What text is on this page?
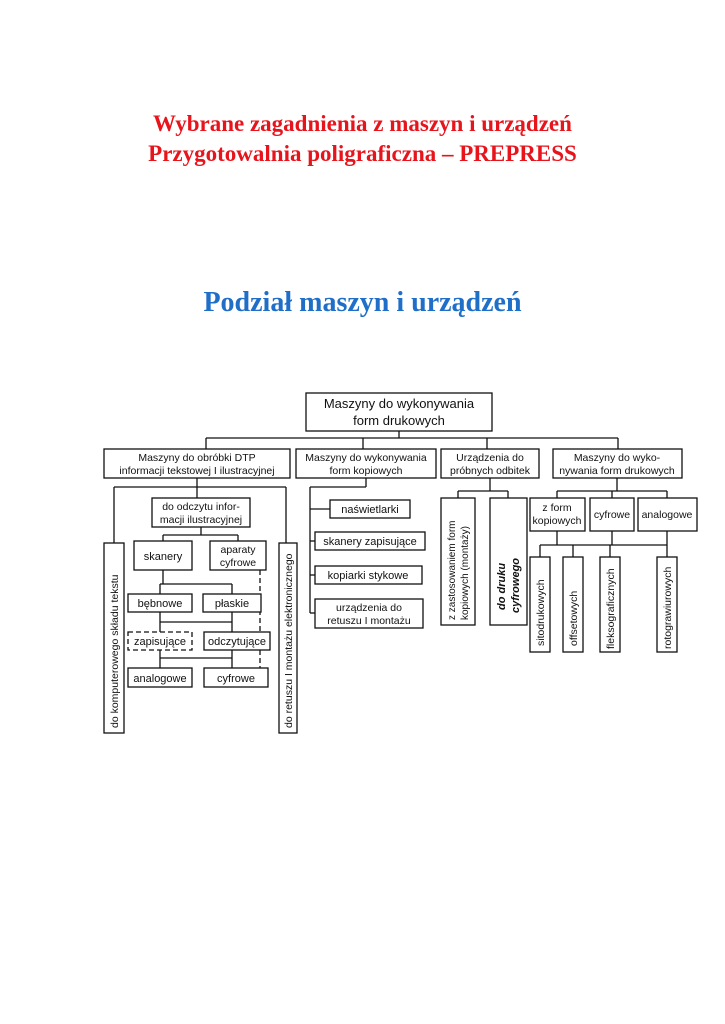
Wybrane zagadnienia z maszyn i urządzeń
Przygotowalnia poligraficzna – PREPRESS
Podział maszyn i urządzeń
Maszyny do wykonywania
form drukowych
Maszyny do obróbki DTP
informacji tekstowej I ilustracyjnej
Maszyny do wykonywania
form kopiowych
Urządzenia do
próbnych odbitek
Maszyny do wyko-
nywania form drukowych
do komputerowego składu tekstu	do retuszu I montażu elektronicznego
do odczytu infor-
macji ilustracyjnej
skanery
aparaty
cyfrowe
bębnowe	płaskie
zapisujące odczytujące
analogowe	cyfrowe
naświetlarki
skanery zapisujące
kopiarki stykowe
urządzenia do
retuszu I montażu
z zastosowaniem form kopiowych (montaży) do druku cyfrowego
z form
kopiowych cyfrowe analogowe
sitodrukowych offsetowych fleksograficznych	rotograwiurowych
